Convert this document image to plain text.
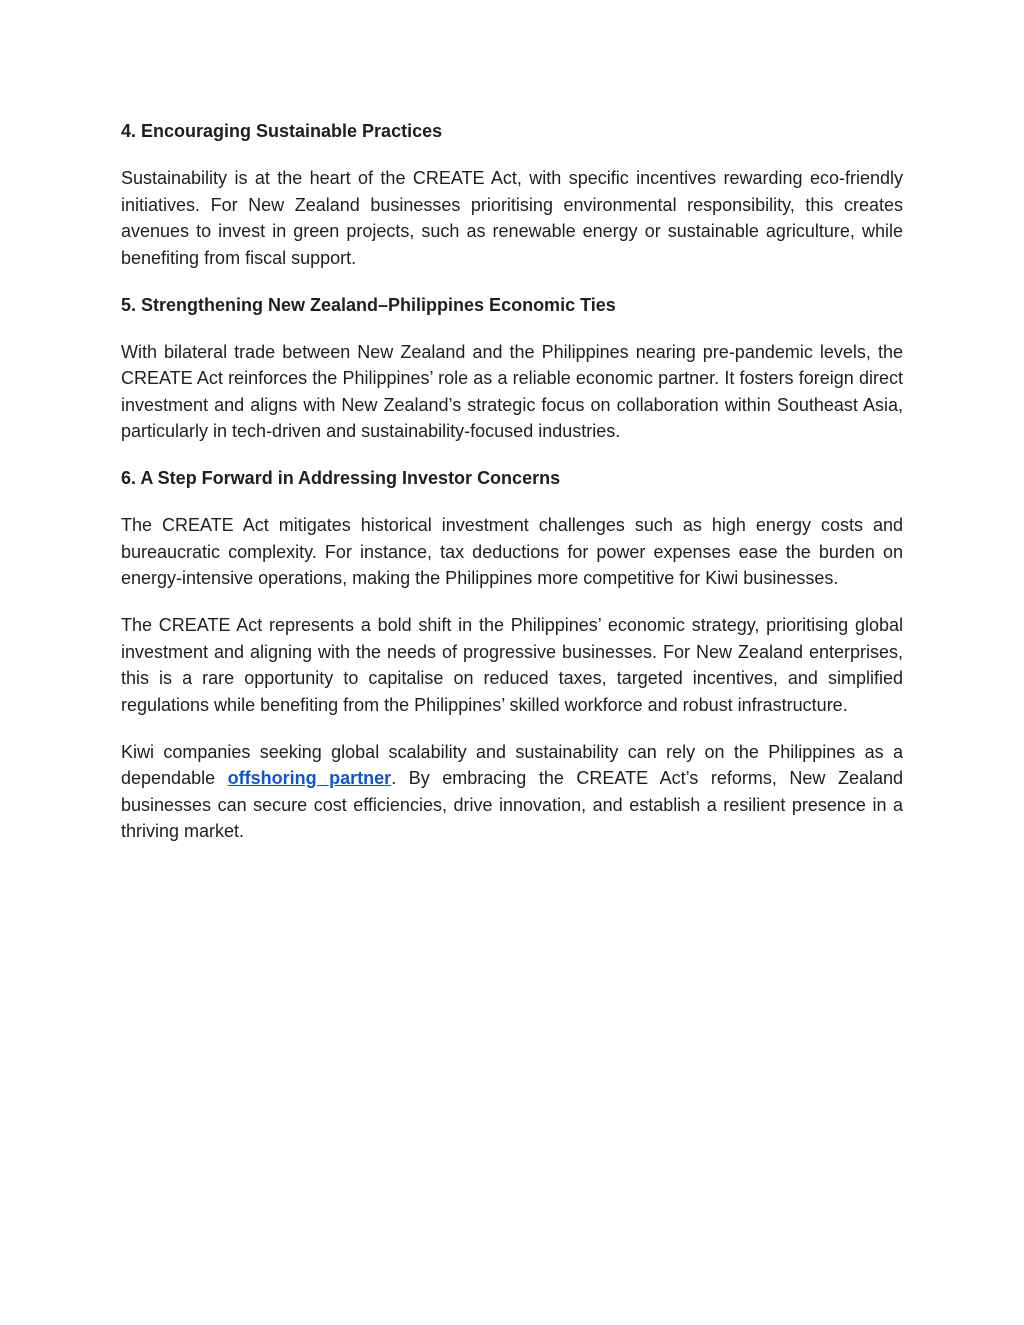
4. Encouraging Sustainable Practices

Sustainability is at the heart of the CREATE Act, with specific incentives rewarding eco-friendly initiatives. For New Zealand businesses prioritising environmental responsibility, this creates avenues to invest in green projects, such as renewable energy or sustainable agriculture, while benefiting from fiscal support.

5. Strengthening New Zealand–Philippines Economic Ties

With bilateral trade between New Zealand and the Philippines nearing pre-pandemic levels, the CREATE Act reinforces the Philippines’ role as a reliable economic partner. It fosters foreign direct investment and aligns with New Zealand’s strategic focus on collaboration within Southeast Asia, particularly in tech-driven and sustainability-focused industries.

6. A Step Forward in Addressing Investor Concerns

The CREATE Act mitigates historical investment challenges such as high energy costs and bureaucratic complexity. For instance, tax deductions for power expenses ease the burden on energy-intensive operations, making the Philippines more competitive for Kiwi businesses.

The CREATE Act represents a bold shift in the Philippines’ economic strategy, prioritising global investment and aligning with the needs of progressive businesses. For New Zealand enterprises, this is a rare opportunity to capitalise on reduced taxes, targeted incentives, and simplified regulations while benefiting from the Philippines’ skilled workforce and robust infrastructure.

Kiwi companies seeking global scalability and sustainability can rely on the Philippines as a dependable offshoring partner. By embracing the CREATE Act’s reforms, New Zealand businesses can secure cost efficiencies, drive innovation, and establish a resilient presence in a thriving market.
